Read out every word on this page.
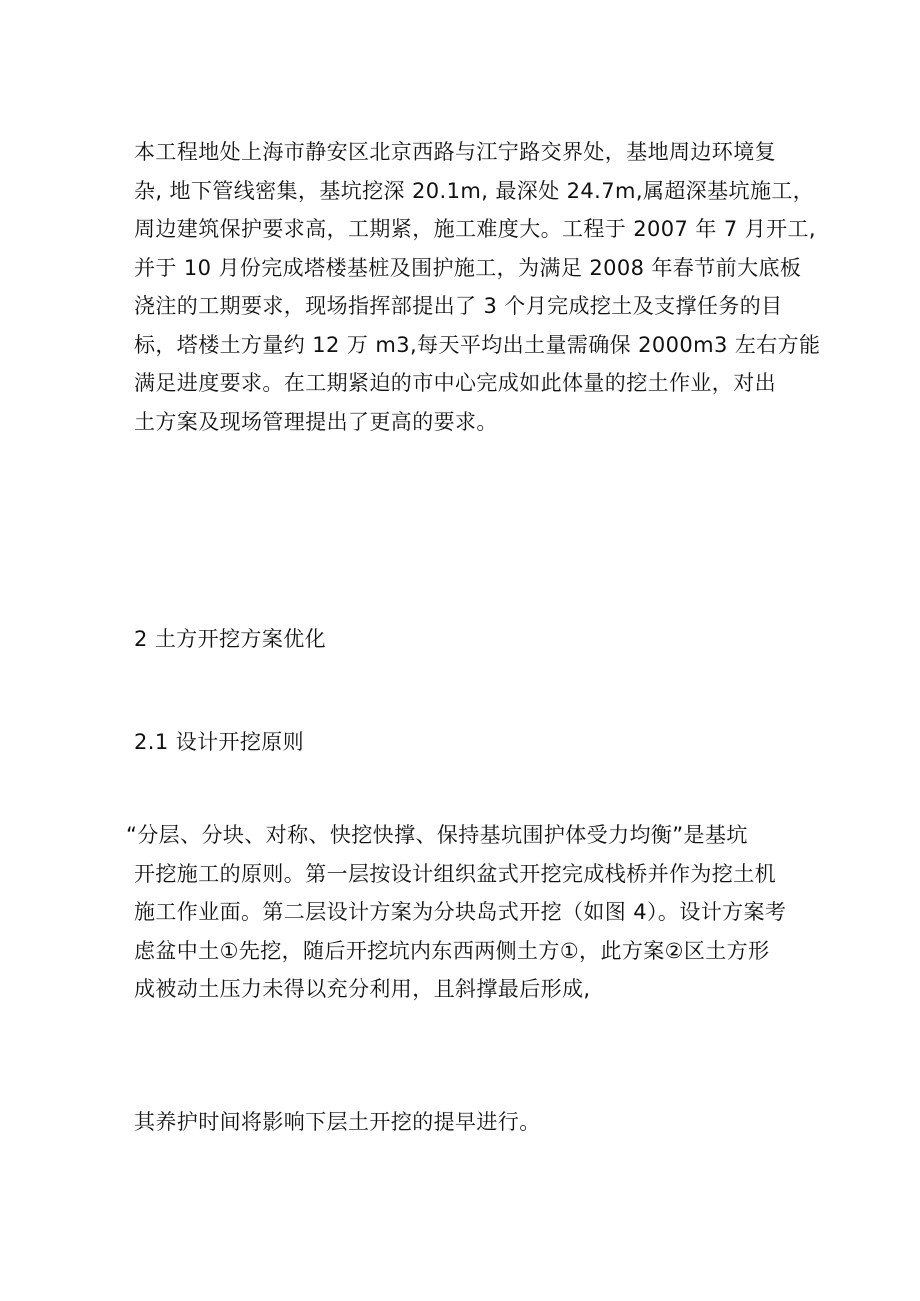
本工程地处上海市静安区北京西路与江宁路交界处，基地周边环境复
杂, 地下管线密集，基坑挖深 20.1m, 最深处 24.7m,属超深基坑施工，
周边建筑保护要求高，工期紧，施工难度大。工程于 2007 年 7 月开工,
并于 10 月份完成塔楼基桩及围护施工，为满足 2008 年春节前大底板
浇注的工期要求，现场指挥部提出了 3 个月完成挖土及支撑任务的目
标，塔楼土方量约 12 万 m3,每天平均出土量需确保 2000m3 左右方能
满足进度要求。在工期紧迫的市中心完成如此体量的挖土作业，对出
土方案及现场管理提出了更高的要求。
2 土方开挖方案优化
2.1 设计开挖原则
“分层、分块、对称、快挖快撑、保持基坑围护体受力均衡”是基坑
开挖施工的原则。第一层按设计组织盆式开挖完成栈桥并作为挖土机
施工作业面。第二层设计方案为分块岛式开挖（如图 4）。设计方案考
虑盆中土①先挖，随后开挖坑内东西两侧土方①，此方案②区土方形
成被动土压力未得以充分利用，且斜撑最后形成,
其养护时间将影响下层土开挖的提早进行。
